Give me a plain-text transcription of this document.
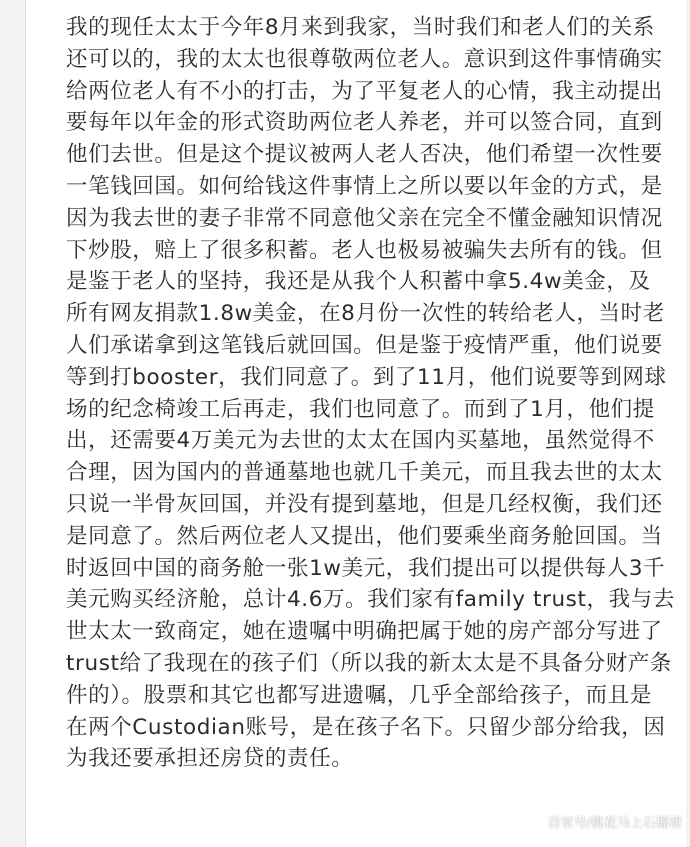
我的现任太太于今年8月来到我家，当时我们和老人们的关系
还可以的，我的太太也很尊敬两位老人。意识到这件事情确实
给两位老人有不小的打击，为了平复老人的心情，我主动提出
要每年以年金的形式资助两位老人养老，并可以签合同，直到
他们去世。但是这个提议被两人老人否决，他们希望一次性要
一笔钱回国。如何给钱这件事情上之所以要以年金的方式，是
因为我去世的妻子非常不同意他父亲在完全不懂金融知识情况
下炒股，赔上了很多积蓄。老人也极易被骗失去所有的钱。但
是鉴于老人的坚持，我还是从我个人积蓄中拿5.4w美金，及
所有网友捐款1.8w美金，在8月份一次性的转给老人，当时老
人们承诺拿到这笔钱后就回国。但是鉴于疫情严重，他们说要
等到打booster，我们同意了。到了11月，他们说要等到网球
场的纪念椅竣工后再走，我们也同意了。而到了1月，他们提
出，还需要4万美元为去世的太太在国内买墓地，虽然觉得不
合理，因为国内的普通墓地也就几千美元，而且我去世的太太
只说一半骨灰回国，并没有提到墓地，但是几经权衡，我们还
是同意了。然后两位老人又提出，他们要乘坐商务舱回国。当
时返回中国的商务舱一张1w美元，我们提出可以提供每人3千
美元购买经济舱，总计4.6万。我们家有family trust，我与去
世太太一致商定，她在遗嘱中明确把属于她的房产部分写进了
trust给了我现在的孩子们（所以我的新太太是不具备分财产条
件的）。股票和其它也都写进遗嘱，几乎全部给孩子，而且是
在两个Custodian账号，是在孩子名下。只留少部分给我，因
为我还要承担还房贷的责任。
百家号/桃花马上石榴裙
